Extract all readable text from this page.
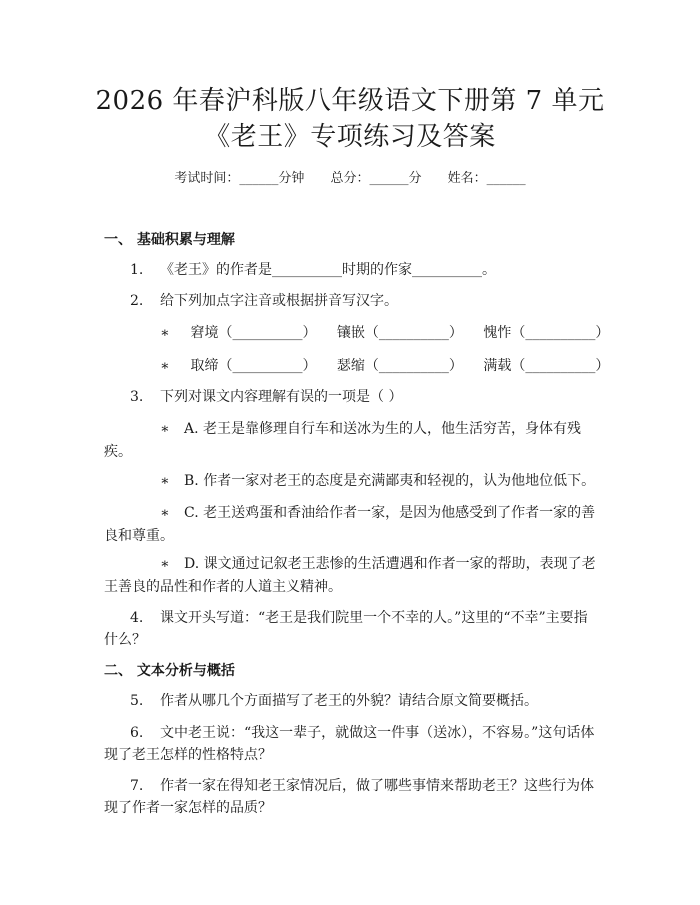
2026 年春沪科版八年级语文下册第 7 单元
《老王》专项练习及答案
考试时间：______分钟 总分：______分 姓名：______
一、 基础积累与理解
1. 《老王》的作者是__________时期的作家__________。
2. 给下列加点字注音或根据拼音写汉字。
∗ 窘境（__________） 镶嵌（__________） 愧怍（__________）
∗ 取缔（__________） 瑟缩（__________） 满载（__________）
3. 下列对课文内容理解有误的一项是（ ）
∗ A. 老王是靠修理自行车和送冰为生的人，他生活穷苦，身体有残疾。
∗ B. 作者一家对老王的态度是充满鄙夷和轻视的，认为他地位低下。
∗ C. 老王送鸡蛋和香油给作者一家，是因为他感受到了作者一家的善良和尊重。
∗ D. 课文通过记叙老王悲惨的生活遭遇和作者一家的帮助，表现了老王善良的品性和作者的人道主义精神。
4. 课文开头写道：“老王是我们院里一个不幸的人。”这里的“不幸”主要指什么？
二、 文本分析与概括
5. 作者从哪几个方面描写了老王的外貌？请结合原文简要概括。
6. 文中老王说：“我这一辈子，就做这一件事（送冰），不容易。”这句话体现了老王怎样的性格特点？
7. 作者一家在得知老王家情况后，做了哪些事情来帮助老王？这些行为体现了作者一家怎样的品质？
